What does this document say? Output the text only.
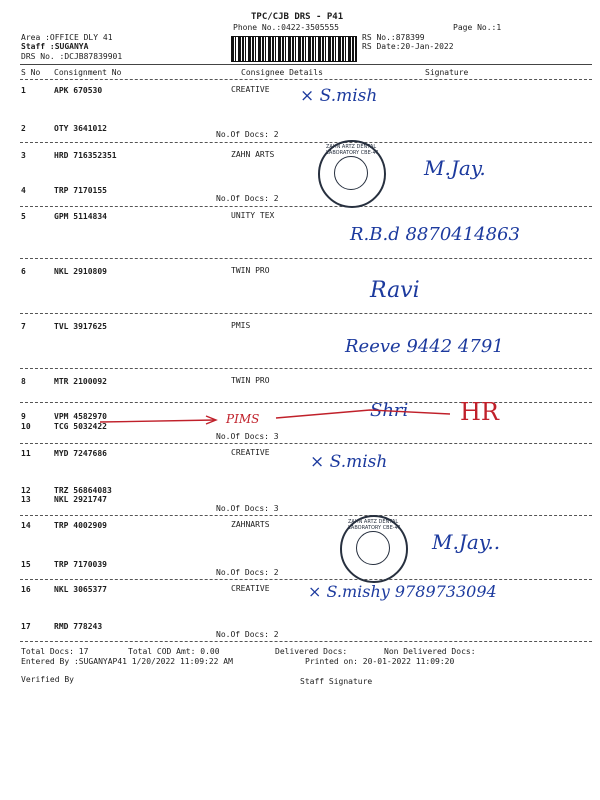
TPC/CJB DRS - P41
Phone No.:0422-3505555	Page No.:1
Area :OFFICE DLY 41
Staff :SUGANYA
DRS No. :DCJB87839901
RS No.:878399
RS Date:20-Jan-2022
S No Consignment No	Consignee Details	Signature
1	APK 670530	CREATIVE
2	OTY 3641012
No.Of Docs: 2
3	HRD 716352351	ZAHN ARTS
4	TRP 7170155
No.Of Docs: 2
5	GPM 5114834	UNITY TEX
6	NKL 2910809	TWIN PRO
7	TVL 3917625	PMIS
8	MTR 2100092	TWIN PRO
9	VPM 4582970
10	TCG 5032422
No.Of Docs: 3
11	MYD 7247686	CREATIVE
12	TRZ 56864083
13	NKL 2921747
No.Of Docs: 3
14	TRP 4002909	ZAHNARTS
15	TRP 7170039
No.Of Docs: 2
16	NKL 3065377	CREATIVE
17	RMD 778243
No.Of Docs: 2
Total Docs: 17	Total COD Amt: 0.00	Delivered Docs:	Non Delivered Docs:
Entered By :SUGANYAP41 1/20/2022 11:09:22 AM	Printed on: 20-01-2022 11:09:20
Verified By	Staff Signature
ZAHN ARTZ DENTAL LABORATORY CBE-41
ZAHN ARTZ DENTAL LABORATORY CBE-41
× S.mish
M.Jay.
R.B.d 8870414863
Ravi
Reeve 9442 4791
PIMS	Shri HR
× S.mish
M.Jay..
× S.mishy 9789733094
